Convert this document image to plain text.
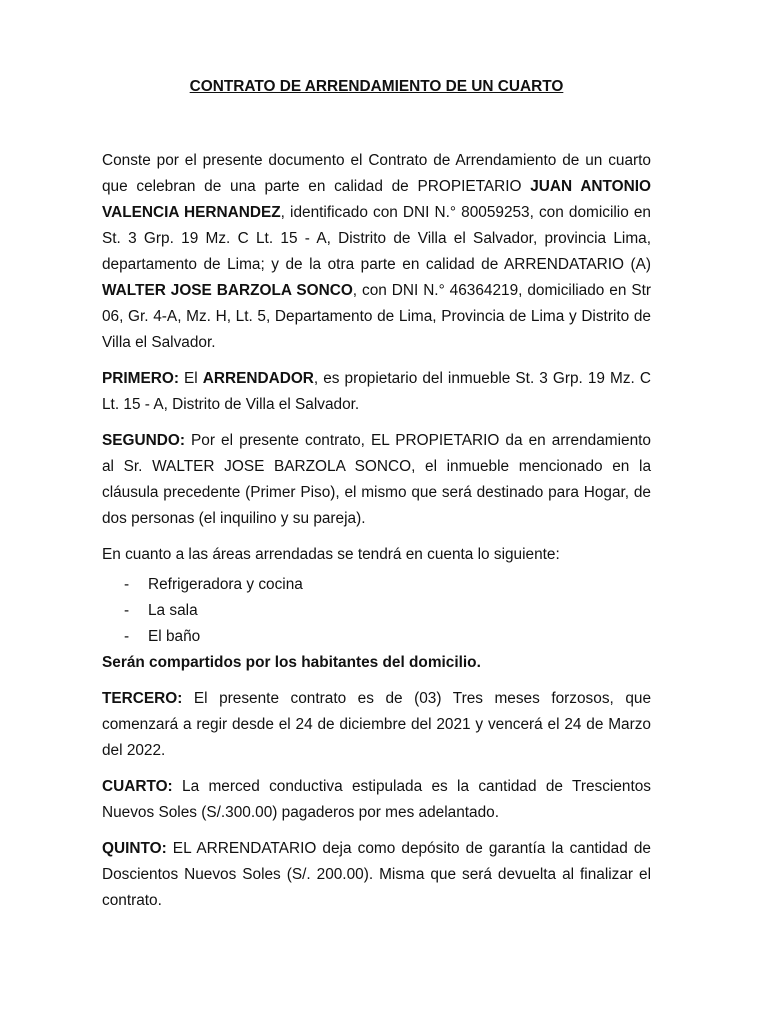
CONTRATO DE ARRENDAMIENTO DE UN CUARTO

Conste por el presente documento el Contrato de Arrendamiento de un cuarto que celebran de una parte en calidad de PROPIETARIO JUAN ANTONIO VALENCIA HERNANDEZ, identificado con DNI N.° 80059253, con domicilio en St. 3 Grp. 19 Mz. C Lt. 15 - A, Distrito de Villa el Salvador, provincia Lima, departamento de Lima; y de la otra parte en calidad de ARRENDATARIO (A) WALTER JOSE BARZOLA SONCO, con DNI N.° 46364219, domiciliado en Str 06, Gr. 4-A, Mz. H, Lt. 5, Departamento de Lima, Provincia de Lima y Distrito de Villa el Salvador.

PRIMERO: El ARRENDADOR, es propietario del inmueble St. 3 Grp. 19 Mz. C Lt. 15 - A, Distrito de Villa el Salvador.

SEGUNDO: Por el presente contrato, EL PROPIETARIO da en arrendamiento al Sr. WALTER JOSE BARZOLA SONCO, el inmueble mencionado en la cláusula precedente (Primer Piso), el mismo que será destinado para Hogar, de dos personas (el inquilino y su pareja).

En cuanto a las áreas arrendadas se tendrá en cuenta lo siguiente:

-	Refrigeradora y cocina
-	La sala
-	El baño

Serán compartidos por los habitantes del domicilio.

TERCERO: El presente contrato es de (03) Tres meses forzosos, que comenzará a regir desde el 24 de diciembre del 2021 y vencerá el 24 de Marzo del 2022.

CUARTO: La merced conductiva estipulada es la cantidad de Trescientos Nuevos Soles (S/.300.00) pagaderos por mes adelantado.

QUINTO: EL ARRENDATARIO deja como depósito de garantía la cantidad de Doscientos Nuevos Soles (S/. 200.00). Misma que será devuelta al finalizar el contrato.
